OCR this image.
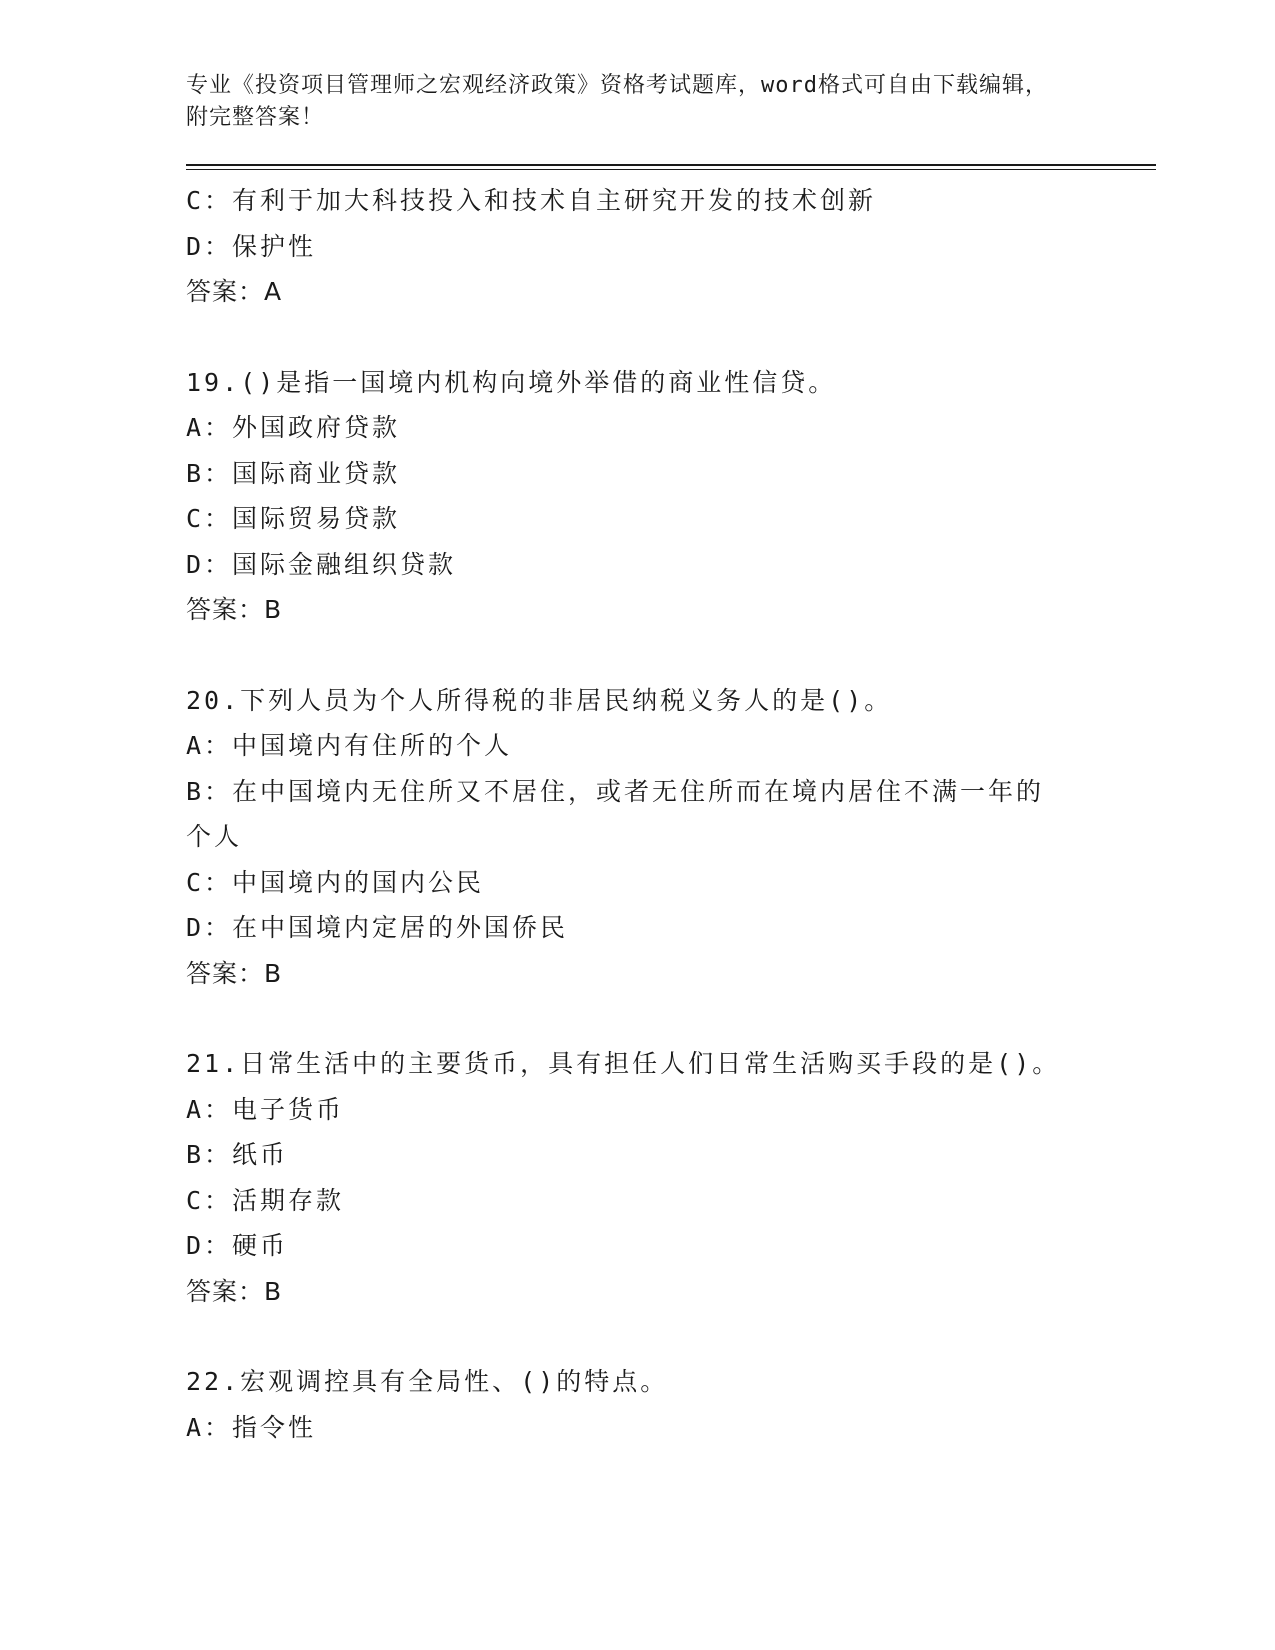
专业《投资项目管理师之宏观经济政策》资格考试题库，word格式可自由下载编辑，附完整答案！

C：有利于加大科技投入和技术自主研究开发的技术创新
D：保护性
答案：A
19.()是指一国境内机构向境外举借的商业性信贷。
A：外国政府贷款
B：国际商业贷款
C：国际贸易贷款
D：国际金融组织贷款
答案：B
20.下列人员为个人所得税的非居民纳税义务人的是()。
A：中国境内有住所的个人
B：在中国境内无住所又不居住，或者无住所而在境内居住不满一年的个人
C：中国境内的国内公民
D：在中国境内定居的外国侨民
答案：B
21.日常生活中的主要货币，具有担任人们日常生活购买手段的是()。
A：电子货币
B：纸币
C：活期存款
D：硬币
答案：B
22.宏观调控具有全局性、()的特点。
A：指令性
